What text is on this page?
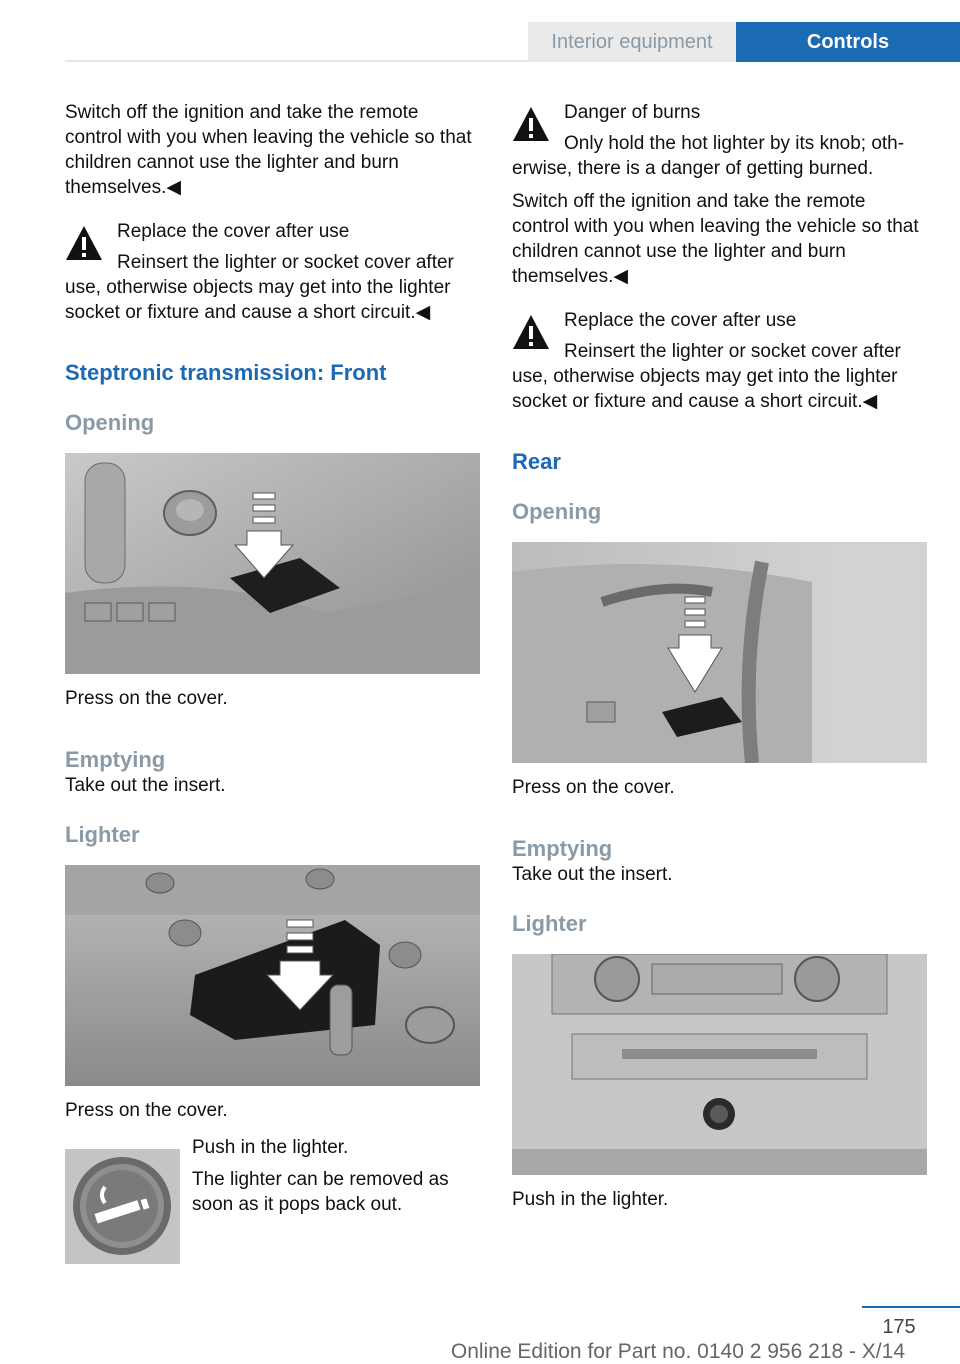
Interior equipment	Controls

Switch off the ignition and take the remote control with you when leaving the vehicle so that children cannot use the lighter and burn themselves.◀

Replace the cover after use
Reinsert the lighter or socket cover after use, otherwise objects may get into the lighter socket or fixture and cause a short circuit.◀

Steptronic transmission: Front
Opening

Press on the cover.

Emptying

Take out the insert.

Lighter

Press on the cover.

Push in the lighter.

The lighter can be removed as soon as it pops back out.

Danger of burns
Only hold the hot lighter by its knob; otherwise, there is a danger of getting burned.

Switch off the ignition and take the remote control with you when leaving the vehicle so that children cannot use the lighter and burn themselves.◀

Replace the cover after use
Reinsert the lighter or socket cover after use, otherwise objects may get into the lighter socket or fixture and cause a short circuit.◀

Rear
Opening

Press on the cover.

Emptying

Take out the insert.

Lighter

Push in the lighter.

175
Online Edition for Part no. 0140 2 956 218 - X/14
